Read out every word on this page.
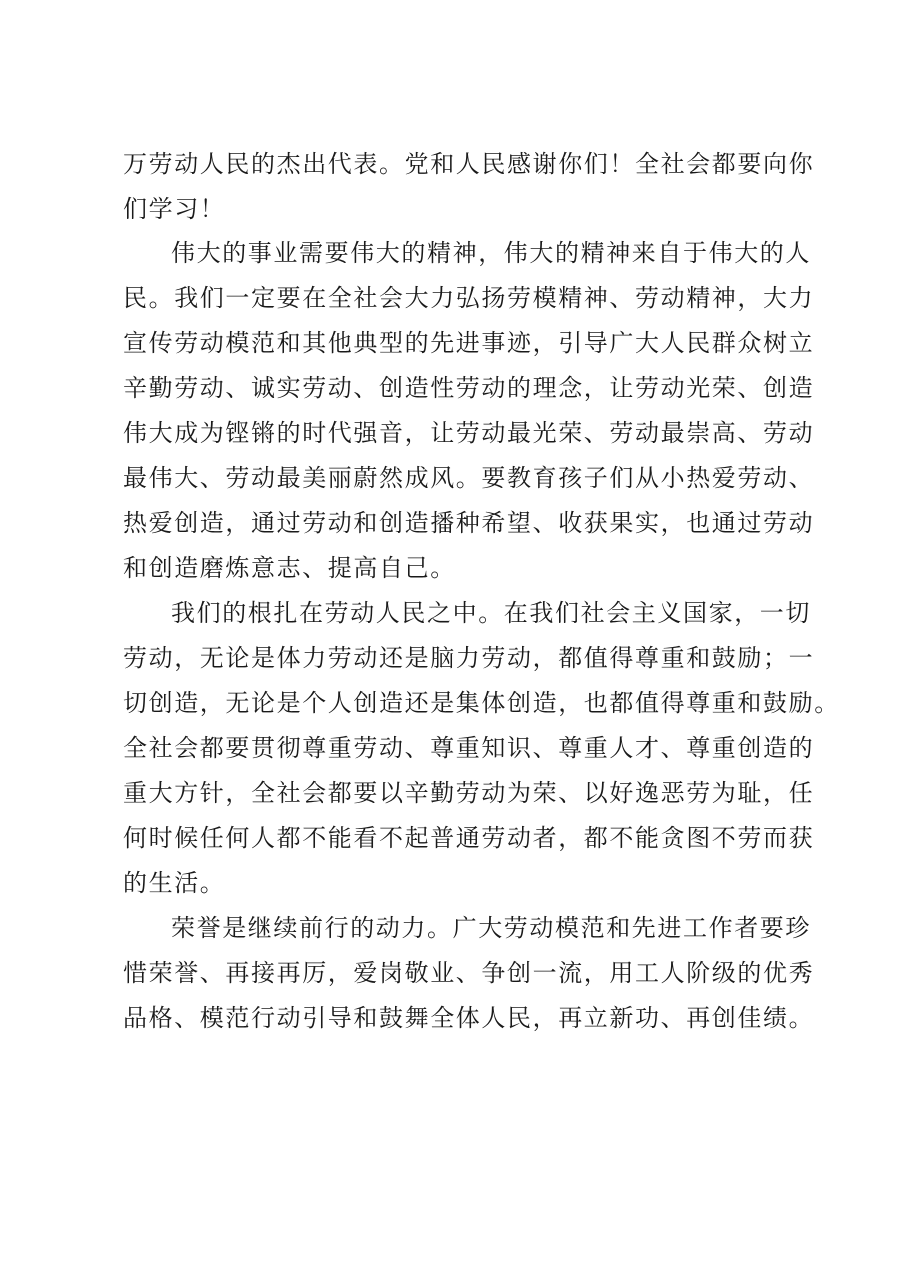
万劳动人民的杰出代表。党和人民感谢你们！全社会都要向你
们学习！
伟大的事业需要伟大的精神，伟大的精神来自于伟大的人
民。我们一定要在全社会大力弘扬劳模精神、劳动精神，大力
宣传劳动模范和其他典型的先进事迹，引导广大人民群众树立
辛勤劳动、诚实劳动、创造性劳动的理念，让劳动光荣、创造
伟大成为铿锵的时代强音，让劳动最光荣、劳动最崇高、劳动
最伟大、劳动最美丽蔚然成风。要教育孩子们从小热爱劳动、
热爱创造，通过劳动和创造播种希望、收获果实，也通过劳动
和创造磨炼意志、提高自己。
我们的根扎在劳动人民之中。在我们社会主义国家，一切
劳动，无论是体力劳动还是脑力劳动，都值得尊重和鼓励；一
切创造，无论是个人创造还是集体创造，也都值得尊重和鼓励。
全社会都要贯彻尊重劳动、尊重知识、尊重人才、尊重创造的
重大方针，全社会都要以辛勤劳动为荣、以好逸恶劳为耻，任
何时候任何人都不能看不起普通劳动者，都不能贪图不劳而获
的生活。
荣誉是继续前行的动力。广大劳动模范和先进工作者要珍
惜荣誉、再接再厉，爱岗敬业、争创一流，用工人阶级的优秀
品格、模范行动引导和鼓舞全体人民，再立新功、再创佳绩。
